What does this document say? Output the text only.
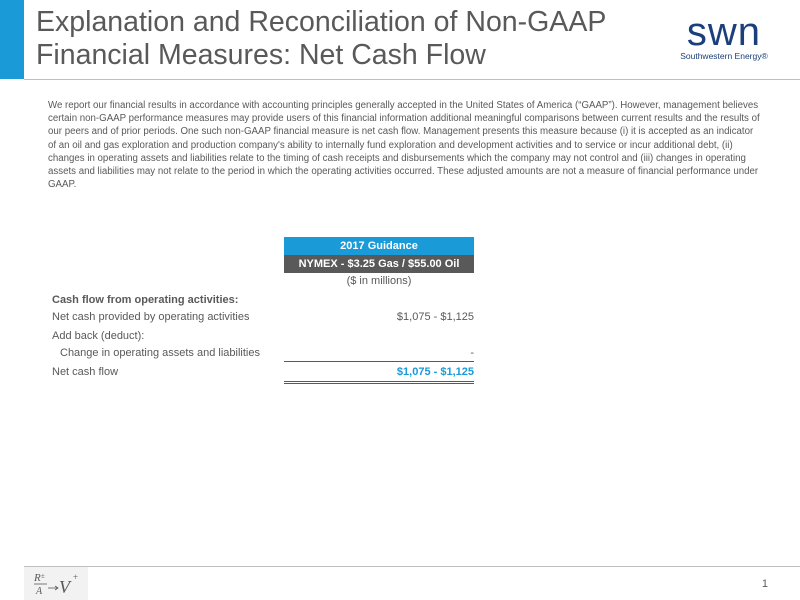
Explanation and Reconciliation of Non-GAAP
Financial Measures: Net Cash Flow
swn
Southwestern Energy®

We report our financial results in accordance with accounting principles generally accepted in the United States of America (“GAAP”). However, management believes certain non-GAAP performance measures may provide users of this financial information additional meaningful comparisons between current results and the results of our peers and of prior periods. One such non-GAAP financial measure is net cash flow. Management presents this measure because (i) it is accepted as an indicator of an oil and gas exploration and production company's ability to internally fund exploration and development activities and to service or incur additional debt, (ii) changes in operating assets and liabilities relate to the timing of cash receipts and disbursements which the company may not control and (iii) changes in operating assets and liabilities may not relate to the period in which the operating activities occurred. These adjusted amounts are not a measure of financial performance under GAAP.

2017 Guidance
NYMEX - $3.25 Gas / $55.00 Oil
($ in millions)
Cash flow from operating activities:
Net cash provided by operating activities	$1,075 - $1,125
Add back (deduct):
Change in operating assets and liabilities	-
Net cash flow	$1,075 - $1,125
R ±
A V +
1
